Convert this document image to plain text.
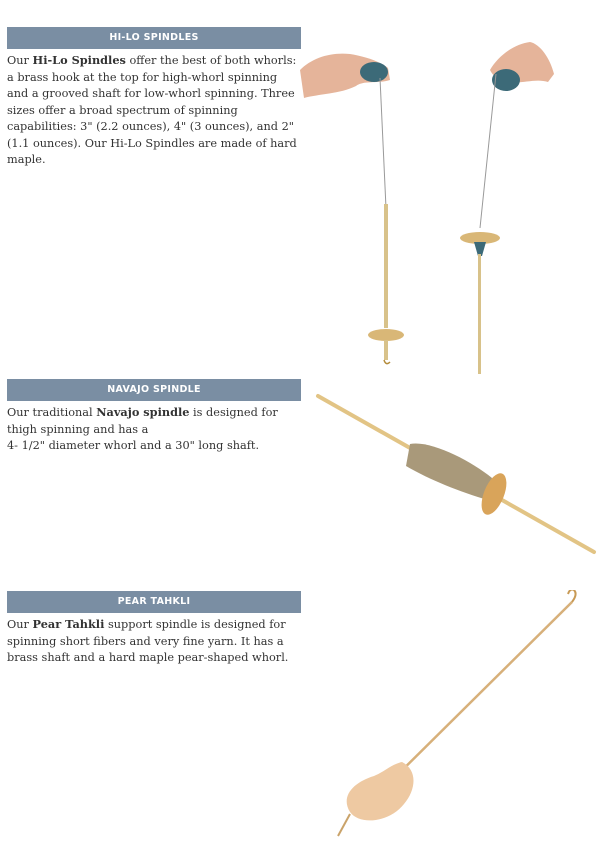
HI-LO SPINDLES
Our Hi-Lo Spindles offer the best of both whorls: a brass hook at the top for high-whorl spinning and a grooved shaft for low-whorl spinning. Three sizes offer a broad spectrum of spinning capabilities: 3" (2.2 ounces), 4" (3 ounces), and 2" (1.1 ounces). Our Hi-Lo Spindles are made of hard maple.
NAVAJO SPINDLE
Our traditional Navajo spindle is designed for thigh spinning and has a
4- 1/2" diameter whorl and a 30" long shaft.
PEAR TAHKLI
Our Pear Tahkli support spindle is designed for spinning short fibers and very fine yarn. It has a brass shaft and a hard maple pear-shaped whorl.
